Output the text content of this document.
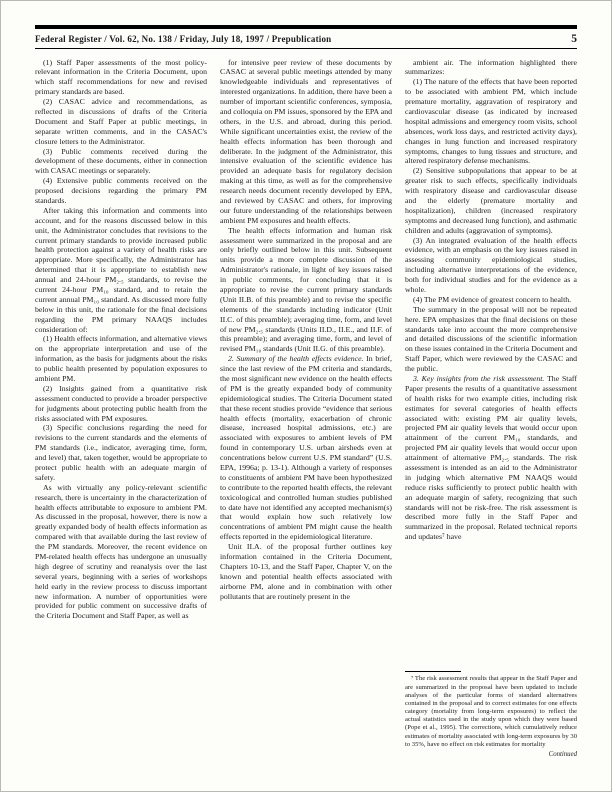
Federal Register / Vol. 62, No. 138 / Friday, July 18, 1997 / Prepublication	5

(1) Staff Paper assessments of the most policy-relevant information in the Criteria Document, upon which staff recommendations for new and revised primary standards are based.

(2) CASAC advice and recommendations, as reflected in discussions of drafts of the Criteria Document and Staff Paper at public meetings, in separate written comments, and in the CASAC's closure letters to the Administrator.

(3) Public comments received during the development of these documents, either in connection with CASAC meetings or separately.

(4) Extensive public comments received on the proposed decisions regarding the primary PM standards.

After taking this information and comments into account, and for the reasons discussed below in this unit, the Administrator concludes that revisions to the current primary standards to provide increased public health protection against a variety of health risks are appropriate. More specifically, the Administrator has determined that it is appropriate to establish new annual and 24-hour PM₂.₅ standards, to revise the current 24-hour PM₁₀ standard, and to retain the current annual PM₁₀ standard. As discussed more fully below in this unit, the rationale for the final decisions regarding the PM primary NAAQS includes consideration of:

(1) Health effects information, and alternative views on the appropriate interpretation and use of the information, as the basis for judgments about the risks to public health presented by population exposures to ambient PM.

(2) Insights gained from a quantitative risk assessment conducted to provide a broader perspective for judgments about protecting public health from the risks associated with PM exposures.

(3) Specific conclusions regarding the need for revisions to the current standards and the elements of PM standards (i.e., indicator, averaging time, form, and level) that, taken together, would be appropriate to protect public health with an adequate margin of safety.

As with virtually any policy-relevant scientific research, there is uncertainty in the characterization of health effects attributable to exposure to ambient PM. As discussed in the proposal, however, there is now a greatly expanded body of health effects information as compared with that available during the last review of the PM standards. Moreover, the recent evidence on PM-related health effects has undergone an unusually high degree of scrutiny and reanalysis over the last several years, beginning with a series of workshops held early in the review process to discuss important new information. A number of opportunities were provided for public comment on successive drafts of the Criteria Document and Staff Paper, as well as

for intensive peer review of these documents by CASAC at several public meetings attended by many knowledgeable individuals and representatives of interested organizations. In addition, there have been a number of important scientific conferences, symposia, and colloquia on PM issues, sponsored by the EPA and others, in the U.S. and abroad, during this period. While significant uncertainties exist, the review of the health effects information has been thorough and deliberate. In the judgment of the Administrator, this intensive evaluation of the scientific evidence has provided an adequate basis for regulatory decision making at this time, as well as for the comprehensive research needs document recently developed by EPA, and reviewed by CASAC and others, for improving our future understanding of the relationships between ambient PM exposures and health effects.

The health effects information and human risk assessment were summarized in the proposal and are only briefly outlined below in this unit. Subsequent units provide a more complete discussion of the Administrator's rationale, in light of key issues raised in public comments, for concluding that it is appropriate to revise the current primary standards (Unit II.B. of this preamble) and to revise the specific elements of the standards including indicator (Unit II.C. of this preamble); averaging time, form, and level of new PM₂.₅ standards (Units II.D., II.E., and II.F. of this preamble); and averaging time, form, and level of revised PM₁₀ standards (Unit II.G. of this preamble).

2. Summary of the health effects evidence. In brief, since the last review of the PM criteria and standards, the most significant new evidence on the health effects of PM is the greatly expanded body of community epidemiological studies. The Criteria Document stated that these recent studies provide “evidence that serious health effects (mortality, exacerbation of chronic disease, increased hospital admissions, etc.) are associated with exposures to ambient levels of PM found in contemporary U.S. urban airsheds even at concentrations below current U.S. PM standard” (U.S. EPA, 1996a; p. 13-1). Although a variety of responses to constituents of ambient PM have been hypothesized to contribute to the reported health effects, the relevant toxicological and controlled human studies published to date have not identified any accepted mechanism(s) that would explain how such relatively low concentrations of ambient PM might cause the health effects reported in the epidemiological literature.

Unit II.A. of the proposal further outlines key information contained in the Criteria Document, Chapters 10-13, and the Staff Paper, Chapter V, on the known and potential health effects associated with airborne PM, alone and in combination with other pollutants that are routinely present in the

ambient air. The information highlighted there summarizes:

(1) The nature of the effects that have been reported to be associated with ambient PM, which include premature mortality, aggravation of respiratory and cardiovascular disease (as indicated by increased hospital admissions and emergency room visits, school absences, work loss days, and restricted activity days), changes in lung function and increased respiratory symptoms, changes to lung tissues and structure, and altered respiratory defense mechanisms.

(2) Sensitive subpopulations that appear to be at greater risk to such effects, specifically individuals with respiratory disease and cardiovascular disease and the elderly (premature mortality and hospitalization), children (increased respiratory symptoms and decreased lung function), and asthmatic children and adults (aggravation of symptoms).

(3) An integrated evaluation of the health effects evidence, with an emphasis on the key issues raised in assessing community epidemiological studies, including alternative interpretations of the evidence, both for individual studies and for the evidence as a whole.

(4) The PM evidence of greatest concern to health.

The summary in the proposal will not be repeated here. EPA emphasizes that the final decisions on these standards take into account the more comprehensive and detailed discussions of the scientific information on these issues contained in the Criteria Document and Staff Paper, which were reviewed by the CASAC and the public.

3. Key insights from the risk assessment. The Staff Paper presents the results of a quantitative assessment of health risks for two example cities, including risk estimates for several categories of health effects associated with: existing PM air quality levels, projected PM air quality levels that would occur upon attainment of the current PM₁₀ standards, and projected PM air quality levels that would occur upon attainment of alternative PM₂.₅ standards. The risk assessment is intended as an aid to the Administrator in judging which alternative PM NAAQS would reduce risks sufficiently to protect public health with an adequate margin of safety, recognizing that such standards will not be risk-free. The risk assessment is described more fully in the Staff Paper and summarized in the proposal. Related technical reports and updates⁷ have

⁷ The risk assessment results that appear in the Staff Paper and are summarized in the proposal have been updated to include analyses of the particular forms of standard alternatives contained in the proposal and to correct estimates for one effects category (mortality from long-term exposures) to reflect the actual statistics used in the study upon which they were based (Pope et al., 1995). The corrections, which cumulatively reduce estimates of mortality associated with long-term exposures by 30 to 35%, have no effect on risk estimates for mortality
Continued
